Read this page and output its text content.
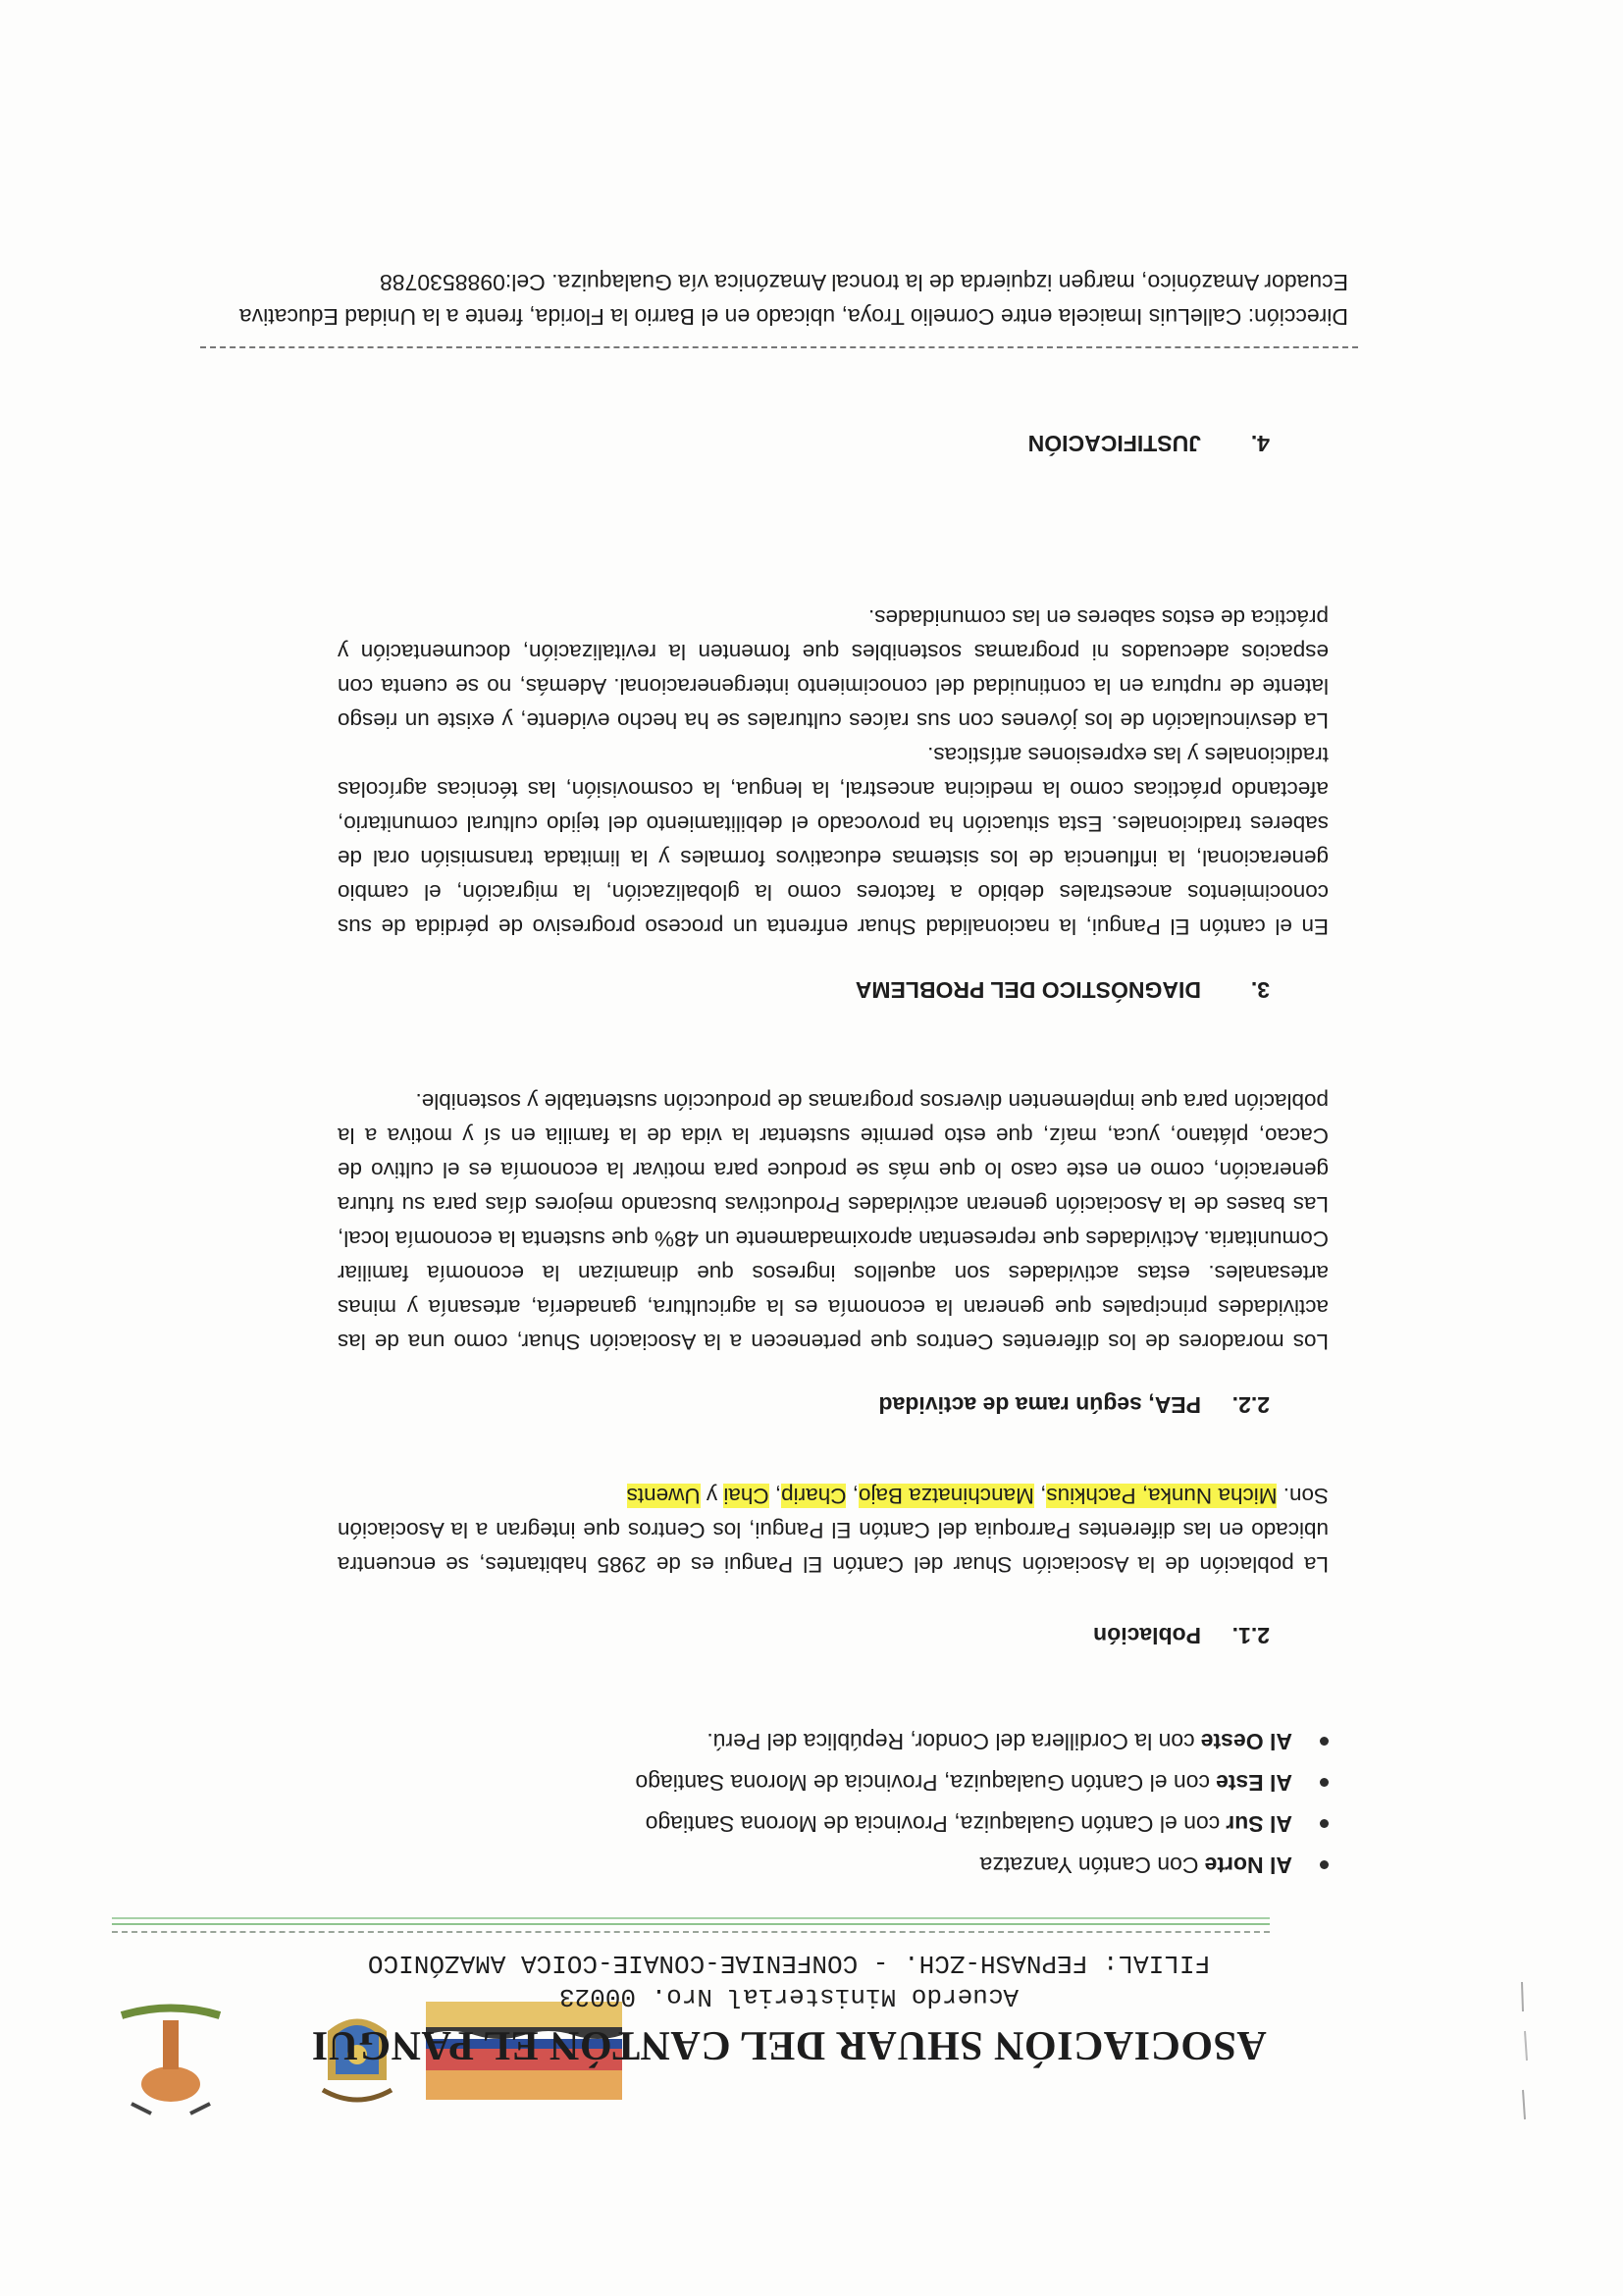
ASOCIACIÓN SHUAR DEL CANTÓN EL PANGUI
Acuerdo Ministerial Nro. 00023
FILIAL: FEPNASH-ZCH. - CONFENIAE-CONAIE-COICA AMAZÓNICO
Al Norte
Con Cantón Yanzatza
Al Sur
con el Cantón Gualaquiza, Provincia de Morona Santiago
Al Este
con el Cantón Gualaquiza, Provincia de Morona Santiago
Al Oeste
con la Cordillera del Condor, República del Perú.
2.1.Población

La población de la Asociación Shuar del Cantón El Pangui es de 2985 habitantes, se encuentra ubicado en las diferentes Parroquia del Cantón El Pangui, los Centros que integran a la Asociación Son. Micha Nunka, Pachkius, Manchinatza Bajo, Charip, Chai y Uwents

2.2.PEA, según rama de actividad

Los moradores de los diferentes Centros que pertenecen a la Asociación Shuar, como una de las actividades principales que generan la economía es la agricultura, ganadería, artesanía y minas artesanales. estas actividades son aquellos ingresos que dinamizan la economía familiar Comunitaria. Actividades que representan aproximadamente un 48% que sustenta la economía local, Las bases de la Asociación generan actividades Productivas buscando mejores días para su futura generación, como en este caso lo que más se produce para motivar la economía es el cultivo de Cacao, plátano, yuca, maíz, que esto permite sustentar la vida de la familia en sí y motiva a la población para que implementen diversos programas de producción sustentable y sostenible.

3.DIAGNÓSTICO DEL PROBLEMA

En el cantón El Pangui, la nacionalidad Shuar enfrenta un proceso progresivo de pérdida de sus conocimientos ancestrales debido a factores como la globalización, la migración, el cambio generacional, la influencia de los sistemas educativos formales y la limitada transmisión oral de saberes tradicionales. Esta situación ha provocado el debilitamiento del tejido cultural comunitario, afectando prácticas como la medicina ancestral, la lengua, la cosmovisión, las técnicas agrícolas tradicionales y las expresiones artísticas.

La desvinculación de los jóvenes con sus raíces culturales se ha hecho evidente, y existe un riesgo latente de ruptura en la continuidad del conocimiento intergeneracional. Además, no se cuenta con espacios adecuados ni programas sostenibles que fomenten la revitalización, documentación y práctica de estos saberes en las comunidades.

4.JUSTIFICACIÓN
Dirección: CalleLuis Imaicela entre Cornelio Troya, ubicado en el Barrio la Florida, frente a la Unidad Educativa Ecuador Amazónico, margen izquierda de la troncal Amazónica vía Gualaquiza. Cel:0988530788
